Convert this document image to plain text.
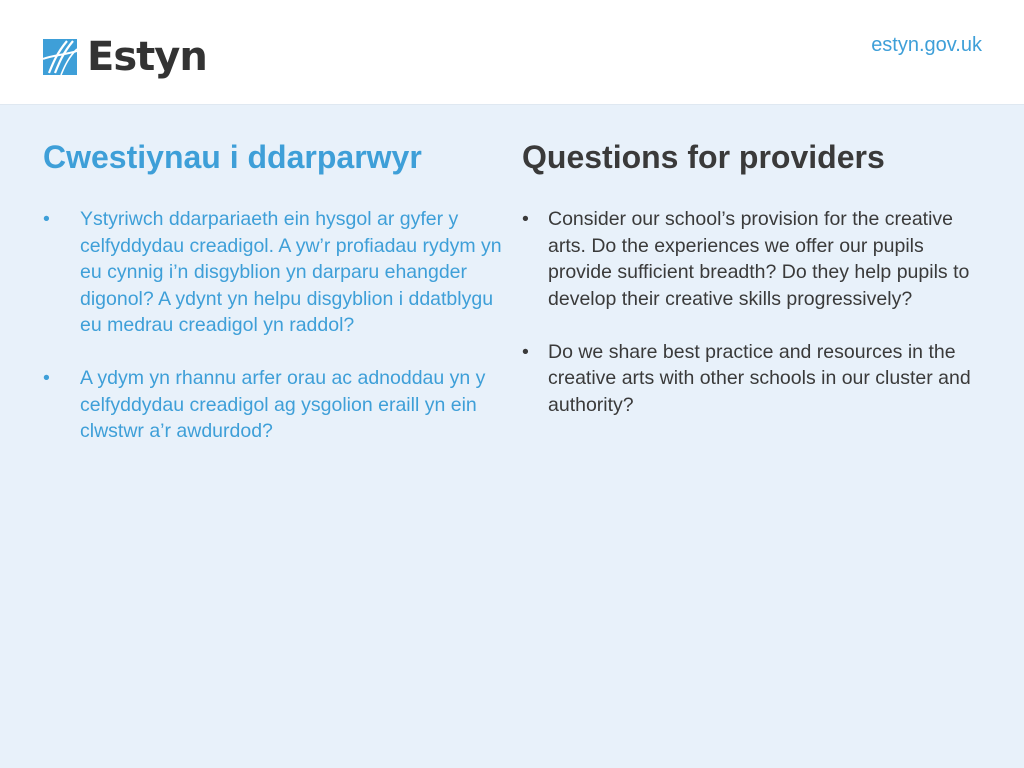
Estyn	estyn.gov.uk
Cwestiynau i ddarparwyr
• Ystyriwch ddarpariaeth ein hysgol ar gyfer y celfyddydau creadigol. A yw’r profiadau rydym yn eu cynnig i’n disgyblion yn darparu ehangder digonol? A ydynt yn helpu disgyblion i ddatblygu eu medrau creadigol yn raddol?
• A ydym yn rhannu arfer orau ac adnoddau yn y celfyddydau creadigol ag ysgolion eraill yn ein clwstwr a’r awdurdod?
Questions for providers
• Consider our school’s provision for the creative arts. Do the experiences we offer our pupils provide sufficient breadth? Do they help pupils to develop their creative skills progressively?
• Do we share best practice and resources in the creative arts with other schools in our cluster and authority?
